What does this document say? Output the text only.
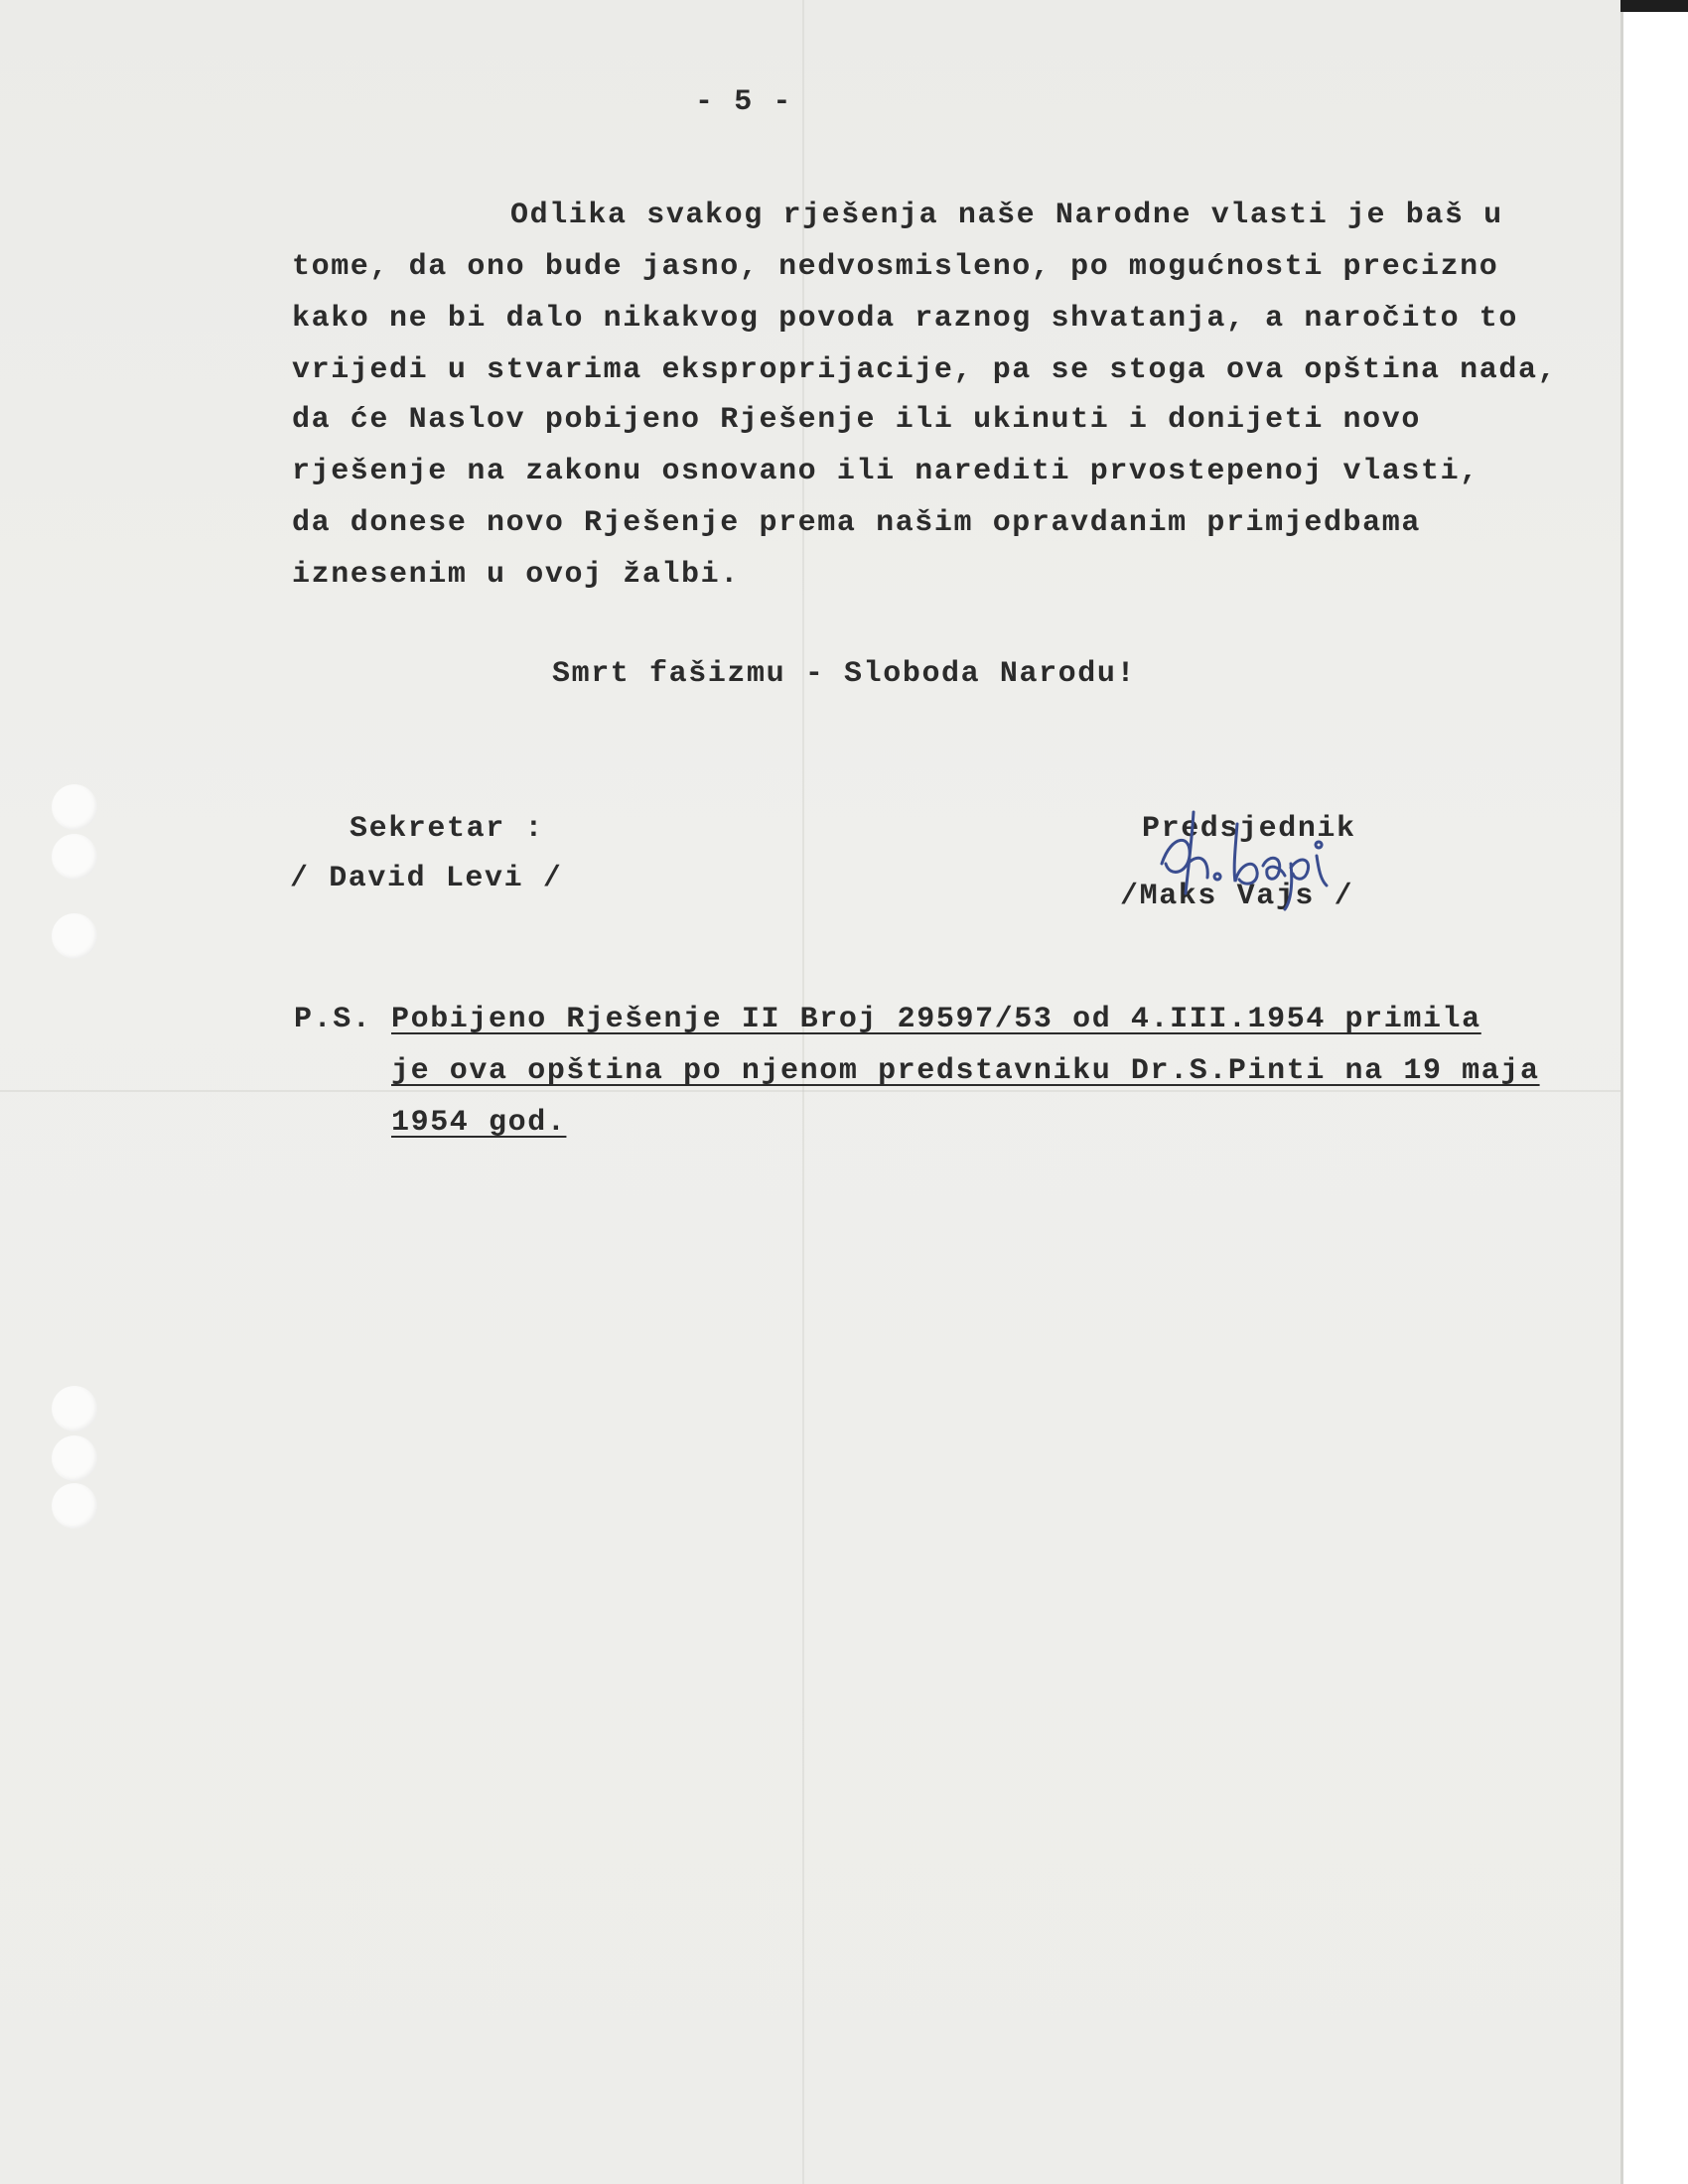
- 5 -

Odlika svakog rješenja naše Narodne vlasti je baš u

tome, da ono bude jasno, nedvosmisleno, po mogućnosti precizno

kako ne bi dalo nikakvog povoda raznog shvatanja, a naročito to

vrijedi u stvarima eksproprijacije, pa se stoga ova opština nada,

da će Naslov pobijeno Rješenje ili ukinuti i donijeti novo

rješenje na zakonu osnovano ili narediti prvostepenoj vlasti,

da donese novo Rješenje prema našim opravdanim primjedbama

iznesenim u ovoj žalbi.

Smrt fašizmu - Sloboda Narodu!

Sekretar :

/ David Levi /

Predsjednik

/Maks Vajs /

P.S. Pobijeno Rješenje II Broj 29597/53 od 4.III.1954 primila

je ova opština po njenom predstavniku Dr.S.Pinti na 19 maja

1954 god.
